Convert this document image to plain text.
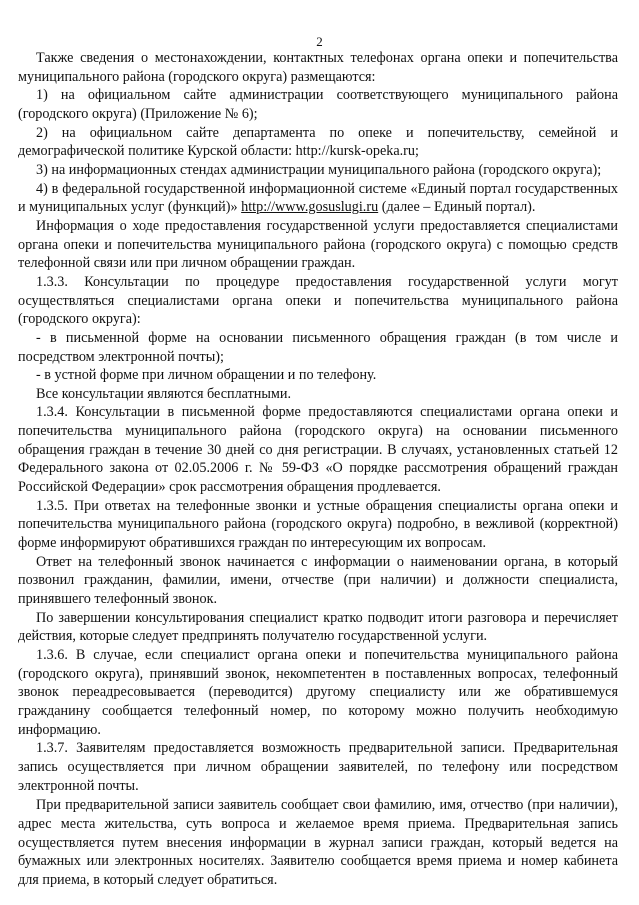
2

Также сведения о местонахождении, контактных телефонах органа опеки и попечительства муниципального района (городского округа) размещаются:

1) на официальном сайте администрации соответствующего муниципального района (городского округа) (Приложение № 6);

2) на официальном сайте департамента по опеке и попечительству, семейной и демографической политике Курской области: http://kursk-opeka.ru;

3) на информационных стендах администрации муниципального района (городского округа);

4) в федеральной государственной информационной системе «Единый портал государственных и муниципальных услуг (функций)» http://www.gosuslugi.ru (далее – Единый портал).

Информация о ходе предоставления государственной услуги предоставляется специалистами органа опеки и попечительства муниципального района (городского округа) с помощью средств телефонной связи или при личном обращении граждан.

1.3.3. Консультации по процедуре предоставления государственной услуги могут осуществляться специалистами органа опеки и попечительства муниципального района (городского округа):

- в письменной форме на основании письменного обращения граждан (в том числе и посредством электронной почты);

- в устной форме при личном обращении и по телефону.

Все консультации являются бесплатными.

1.3.4. Консультации в письменной форме предоставляются специалистами органа опеки и попечительства муниципального района (городского округа) на основании письменного обращения граждан в течение 30 дней со дня регистрации. В случаях, установленных статьей 12 Федерального закона от 02.05.2006 г. № 59-ФЗ «О порядке рассмотрения обращений граждан Российской Федерации» срок рассмотрения обращения продлевается.

1.3.5. При ответах на телефонные звонки и устные обращения специалисты органа опеки и попечительства муниципального района (городского округа) подробно, в вежливой (корректной) форме информируют обратившихся граждан по интересующим их вопросам.

Ответ на телефонный звонок начинается с информации о наименовании органа, в который позвонил гражданин, фамилии, имени, отчестве (при наличии) и должности специалиста, принявшего телефонный звонок.

По завершении консультирования специалист кратко подводит итоги разговора и перечисляет действия, которые следует предпринять получателю государственной услуги.

1.3.6. В случае, если специалист органа опеки и попечительства муниципального района (городского округа), принявший звонок, некомпетентен в поставленных вопросах, телефонный звонок переадресовывается (переводится) другому специалисту или же обратившемуся гражданину сообщается телефонный номер, по которому можно получить необходимую информацию.

1.3.7. Заявителям предоставляется возможность предварительной записи. Предварительная запись осуществляется при личном обращении заявителей, по телефону или посредством электронной почты.

При предварительной записи заявитель сообщает свои фамилию, имя, отчество (при наличии), адрес места жительства, суть вопроса и желаемое время приема. Предварительная запись осуществляется путем внесения информации в журнал записи граждан, который ведется на бумажных или электронных носителях. Заявителю сообщается время приема и номер кабинета для приема, в который следует обратиться.
